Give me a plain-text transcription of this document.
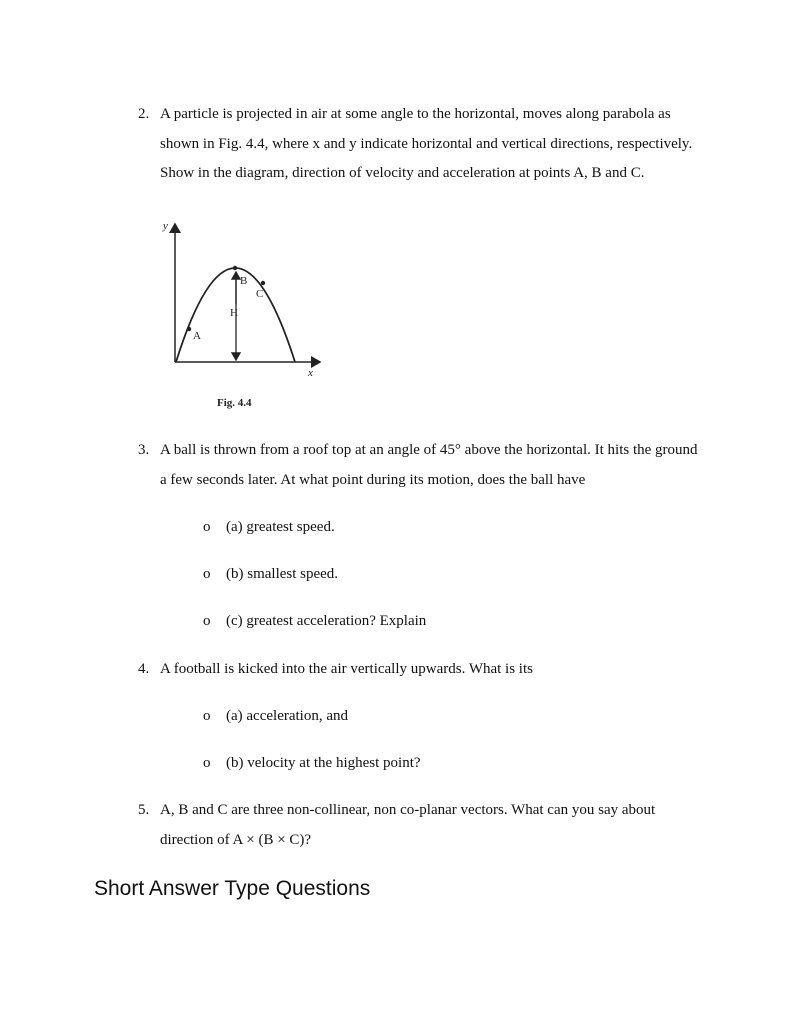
2. A particle is projected in air at some angle to the horizontal, moves along parabola as shown in Fig. 4.4, where x and y indicate horizontal and vertical directions, respectively. Show in the diagram, direction of velocity and acceleration at points A, B and C.
y
x
H
A
B
C
Fig. 4.4
3. A ball is thrown from a roof top at an angle of 45° above the horizontal. It hits the ground a few seconds later. At what point during its motion, does the ball have
o (a) greatest speed.
o (b) smallest speed.
o (c) greatest acceleration? Explain
4. A football is kicked into the air vertically upwards. What is its
o (a) acceleration, and
o (b) velocity at the highest point?
5. A, B and C are three non-collinear, non co-planar vectors. What can you say about direction of A × (B × C)?
Short Answer Type Questions
